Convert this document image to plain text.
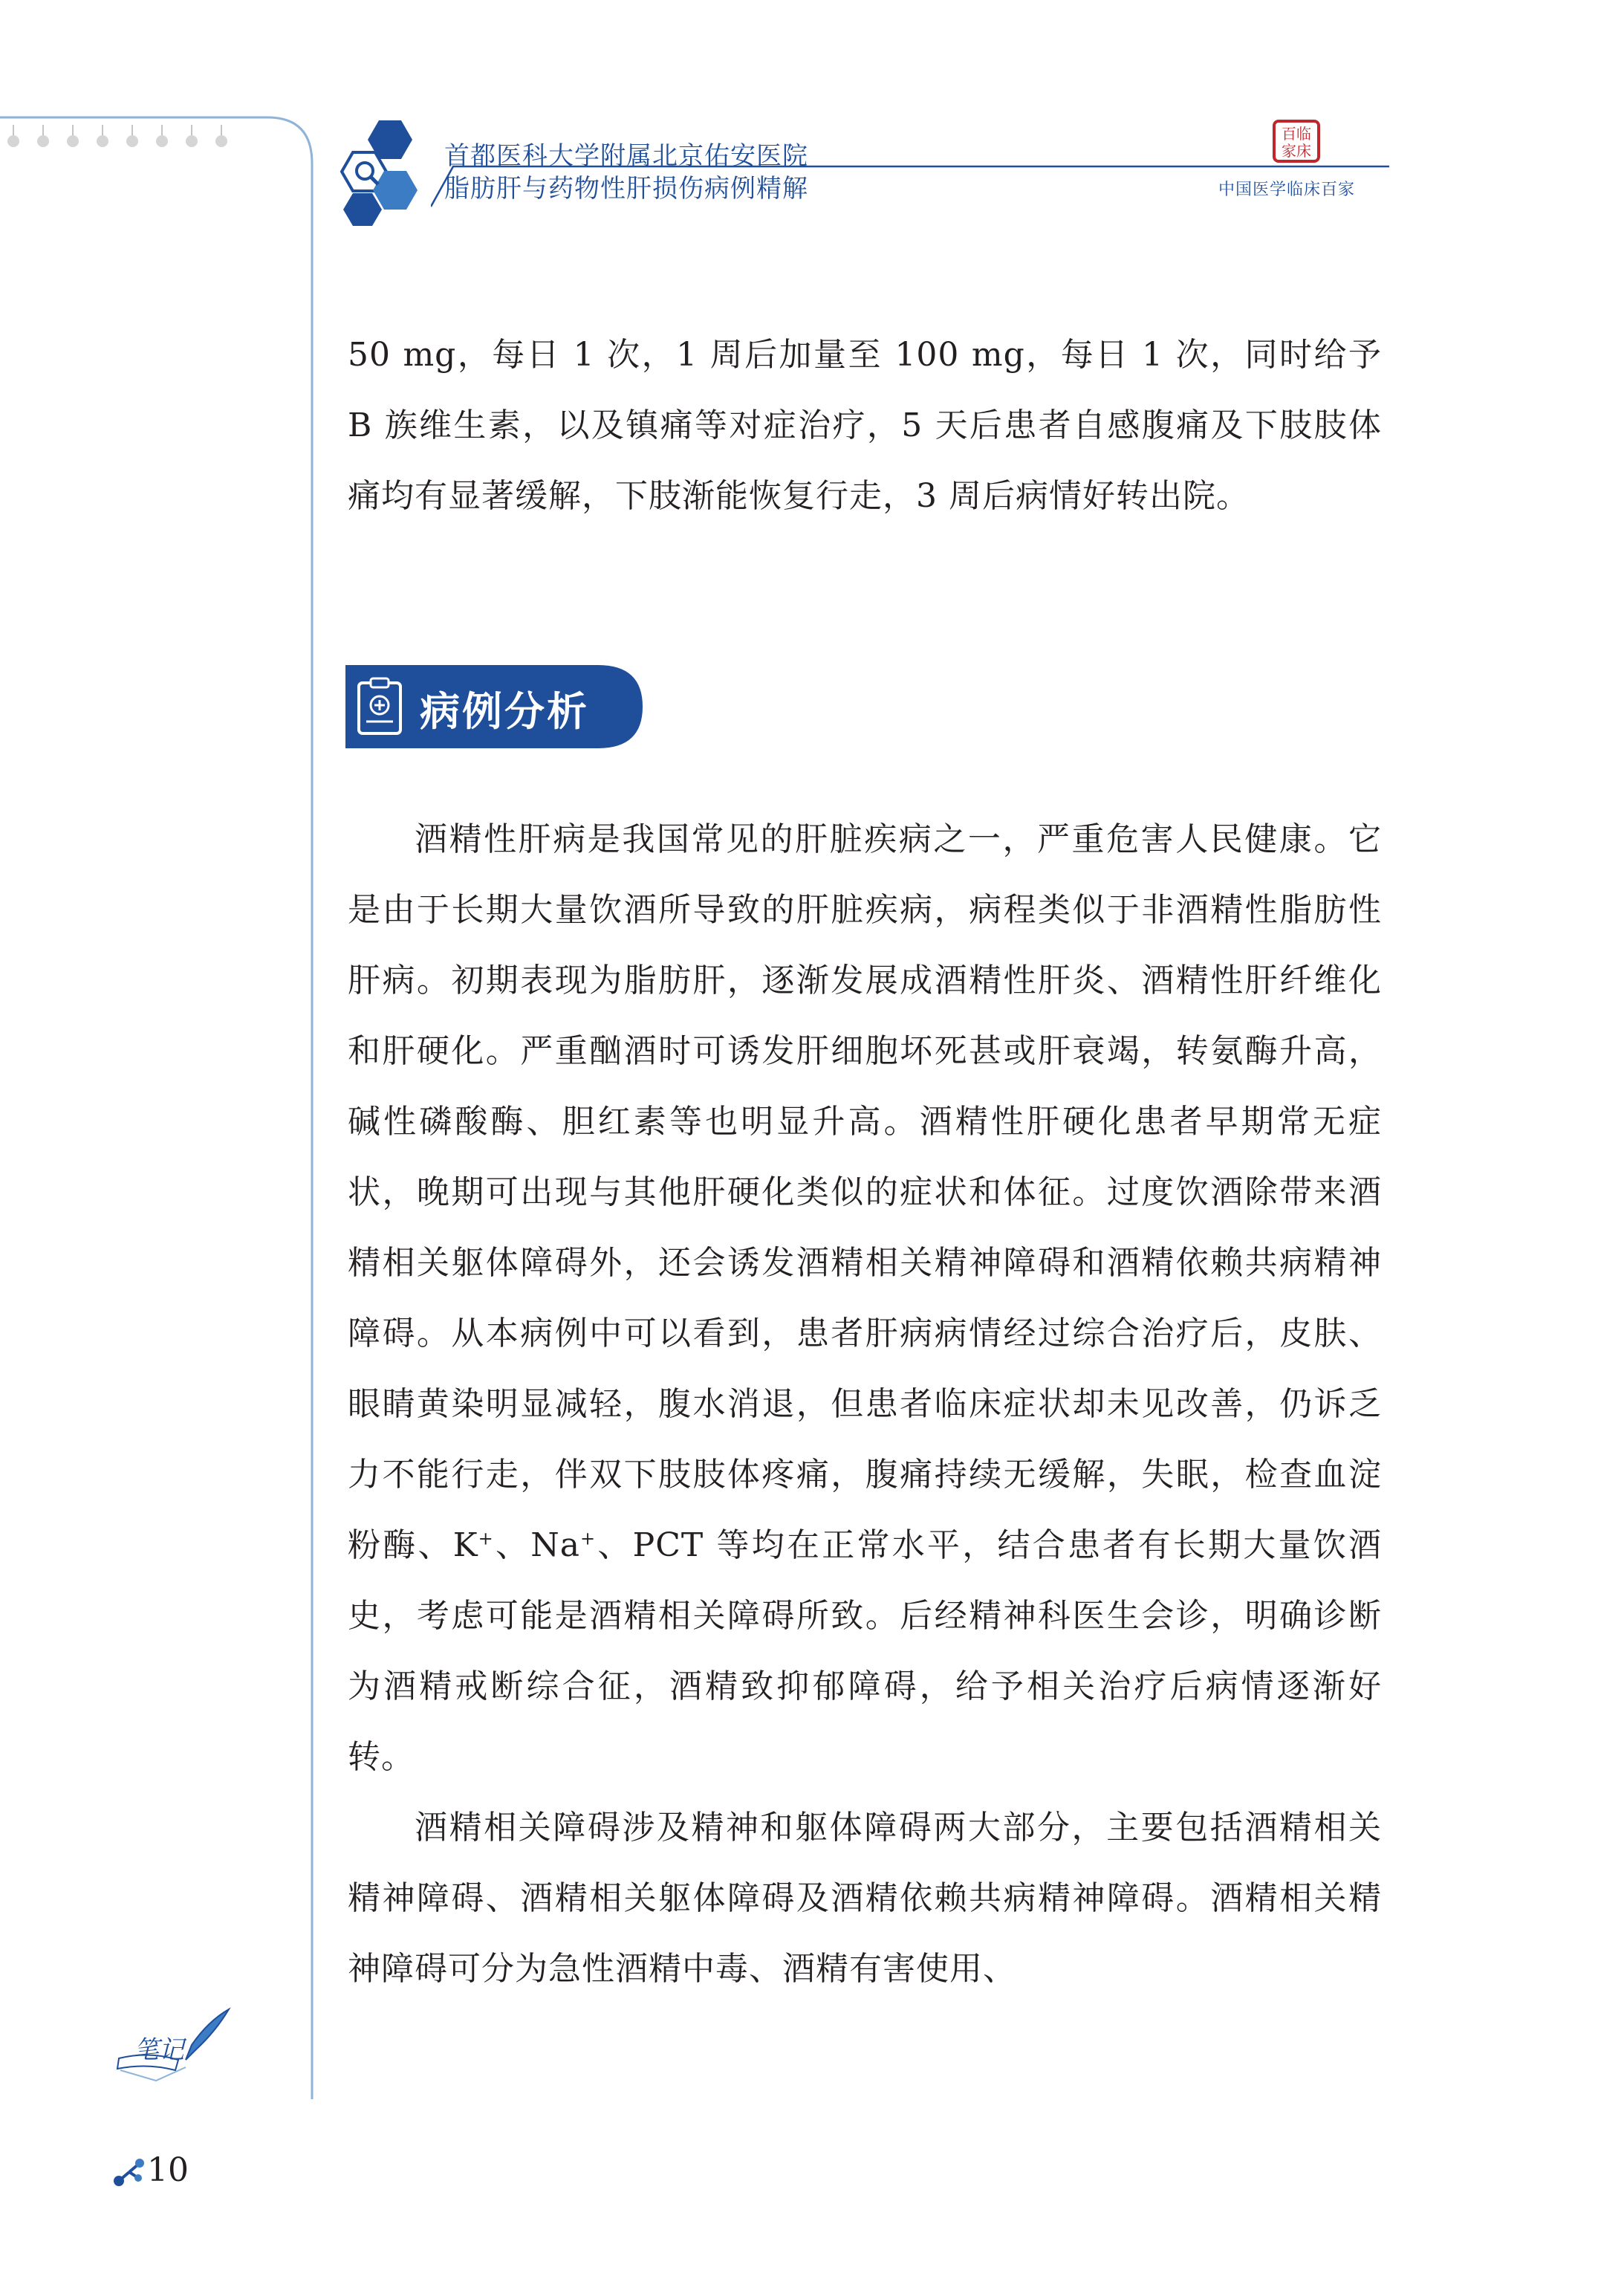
首都医科大学附属北京佑安医院
脂肪肝与药物性肝损伤病例精解
百临
家床
中国医学临床百家

50 mg，每日 1 次，1 周后加量至 100 mg，每日 1 次，同时给予 B 族维生素，以及镇痛等对症治疗，5 天后患者自感腹痛及下肢肢体痛均有显著缓解，下肢渐能恢复行走，3 周后病情好转出院。

病例分析

酒精性肝病是我国常见的肝脏疾病之一，严重危害人民健康。它是由于长期大量饮酒所导致的肝脏疾病，病程类似于非酒精性脂肪性肝病。初期表现为脂肪肝，逐渐发展成酒精性肝炎、酒精性肝纤维化和肝硬化。严重酗酒时可诱发肝细胞坏死甚或肝衰竭，转氨酶升高，碱性磷酸酶、胆红素等也明显升高。酒精性肝硬化患者早期常无症状，晚期可出现与其他肝硬化类似的症状和体征。过度饮酒除带来酒精相关躯体障碍外，还会诱发酒精相关精神障碍和酒精依赖共病精神障碍。从本病例中可以看到，患者肝病病情经过综合治疗后，皮肤、眼睛黄染明显减轻，腹水消退，但患者临床症状却未见改善，仍诉乏力不能行走，伴双下肢肢体疼痛，腹痛持续无缓解，失眠，检查血淀粉酶、K+、Na+、PCT 等均在正常水平，结合患者有长期大量饮酒史，考虑可能是酒精相关障碍所致。后经精神科医生会诊，明确诊断为酒精戒断综合征，酒精致抑郁障碍，给予相关治疗后病情逐渐好转。

酒精相关障碍涉及精神和躯体障碍两大部分，主要包括酒精相关精神障碍、酒精相关躯体障碍及酒精依赖共病精神障碍。酒精相关精神障碍可分为急性酒精中毒、酒精有害使用、

笔记
10
